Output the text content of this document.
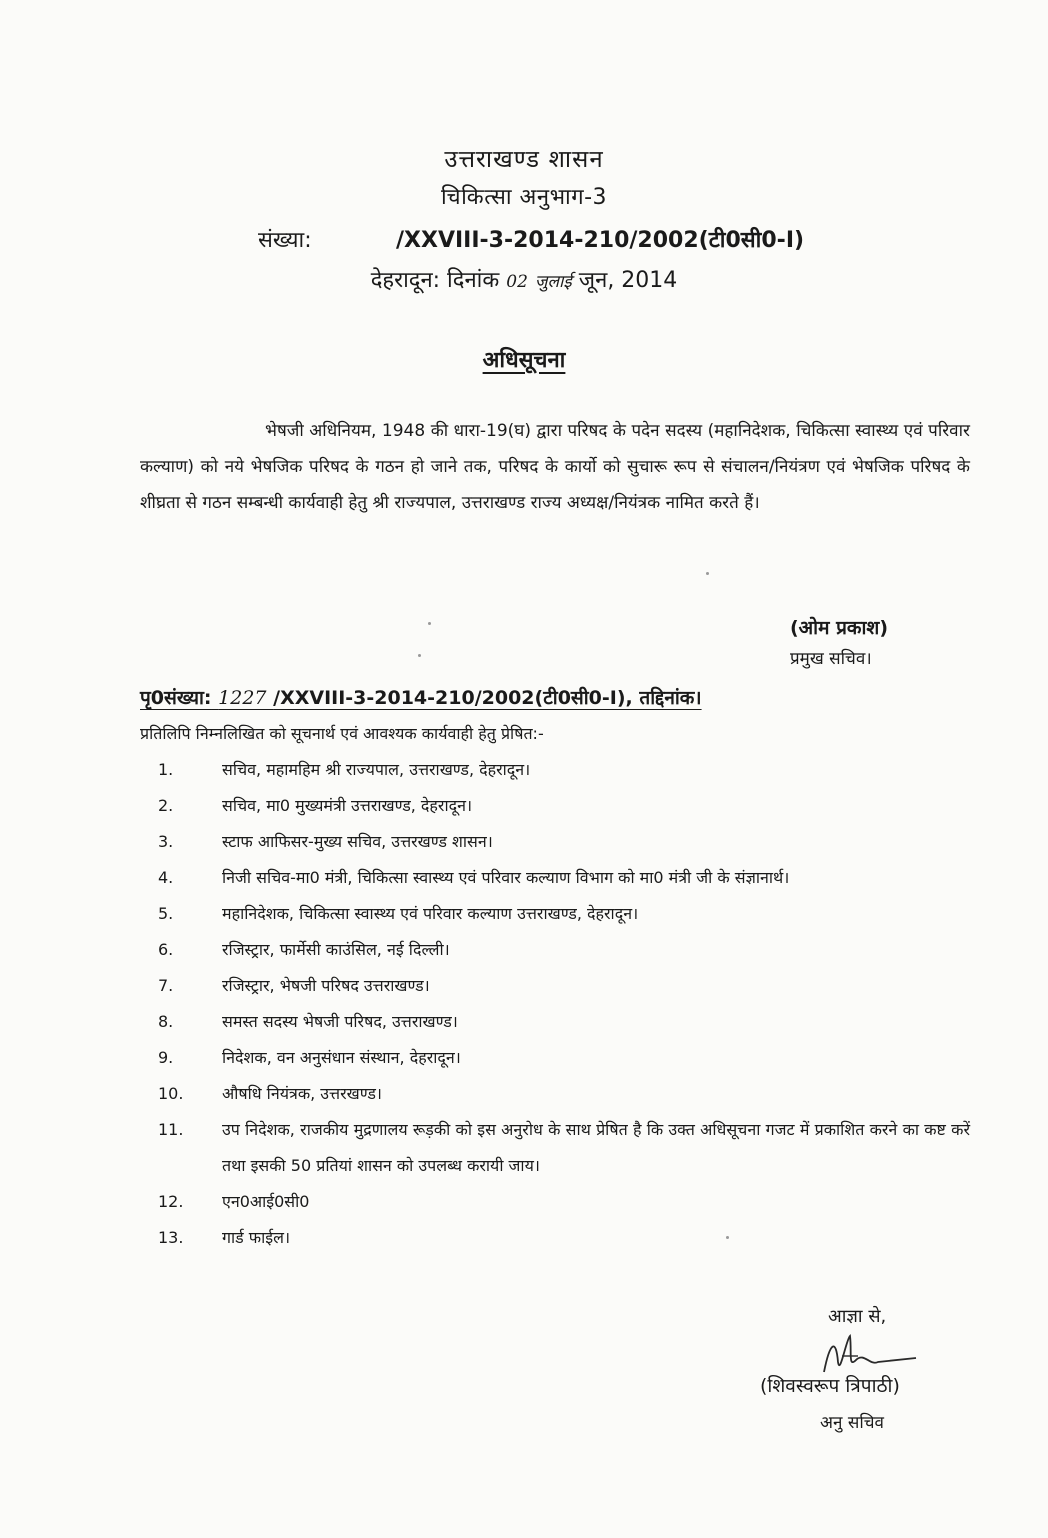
उत्तराखण्ड शासन
चिकित्सा अनुभाग-3
संख्या:	/XXVIII-3-2014-210/2002(टी0सी0-I)
देहरादून: दिनांक 02 जुलाई जून, 2014
अधिसूचना

भेषजी अधिनियम, 1948 की धारा-19(घ) द्वारा परिषद के पदेन सदस्य (महानिदेशक, चिकित्सा स्वास्थ्य एवं परिवार कल्याण) को नये भेषजिक परिषद के गठन हो जाने तक, परिषद के कार्यो को सुचारू रूप से संचालन/नियंत्रण एवं भेषजिक परिषद के शीघ्रता से गठन सम्बन्धी कार्यवाही हेतु श्री राज्यपाल, उत्तराखण्ड राज्य अध्यक्ष/नियंत्रक नामित करते हैं।

(ओम प्रकाश)
प्रमुख सचिव।
पृ0संख्या: 1227 /XXVIII-3-2014-210/2002(टी0सी0-I), तद्दिनांक।
प्रतिलिपि निम्नलिखित को सूचनार्थ एवं आवश्यक कार्यवाही हेतु प्रेषित:-
1.	सचिव, महामहिम श्री राज्यपाल, उत्तराखण्ड, देहरादून।
2.	सचिव, मा0 मुख्यमंत्री उत्तराखण्ड, देहरादून।
3.	स्टाफ आफिसर-मुख्य सचिव, उत्तरखण्ड शासन।
4.	निजी सचिव-मा0 मंत्री, चिकित्सा स्वास्थ्य एवं परिवार कल्याण विभाग को मा0 मंत्री जी के संज्ञानार्थ।
5.	महानिदेशक, चिकित्सा स्वास्थ्य एवं परिवार कल्याण उत्तराखण्ड, देहरादून।
6.	रजिस्ट्रार, फार्मेसी काउंसिल, नई दिल्ली।
7.	रजिस्ट्रार, भेषजी परिषद उत्तराखण्ड।
8.	समस्त सदस्य भेषजी परिषद, उत्तराखण्ड।
9.	निदेशक, वन अनुसंधान संस्थान, देहरादून।
10.	औषधि नियंत्रक, उत्तरखण्ड।
11.	उप निदेशक, राजकीय मुद्रणालय रूड़की को इस अनुरोध के साथ प्रेषित है कि उक्त अधिसूचना गजट में प्रकाशित करने का कष्ट करें तथा इसकी 50 प्रतियां शासन को उपलब्ध करायी जाय।
12.	एन0आई0सी0
13.	गार्ड फाईल।
आज्ञा से,
(शिवस्वरूप त्रिपाठी)
अनु सचिव
